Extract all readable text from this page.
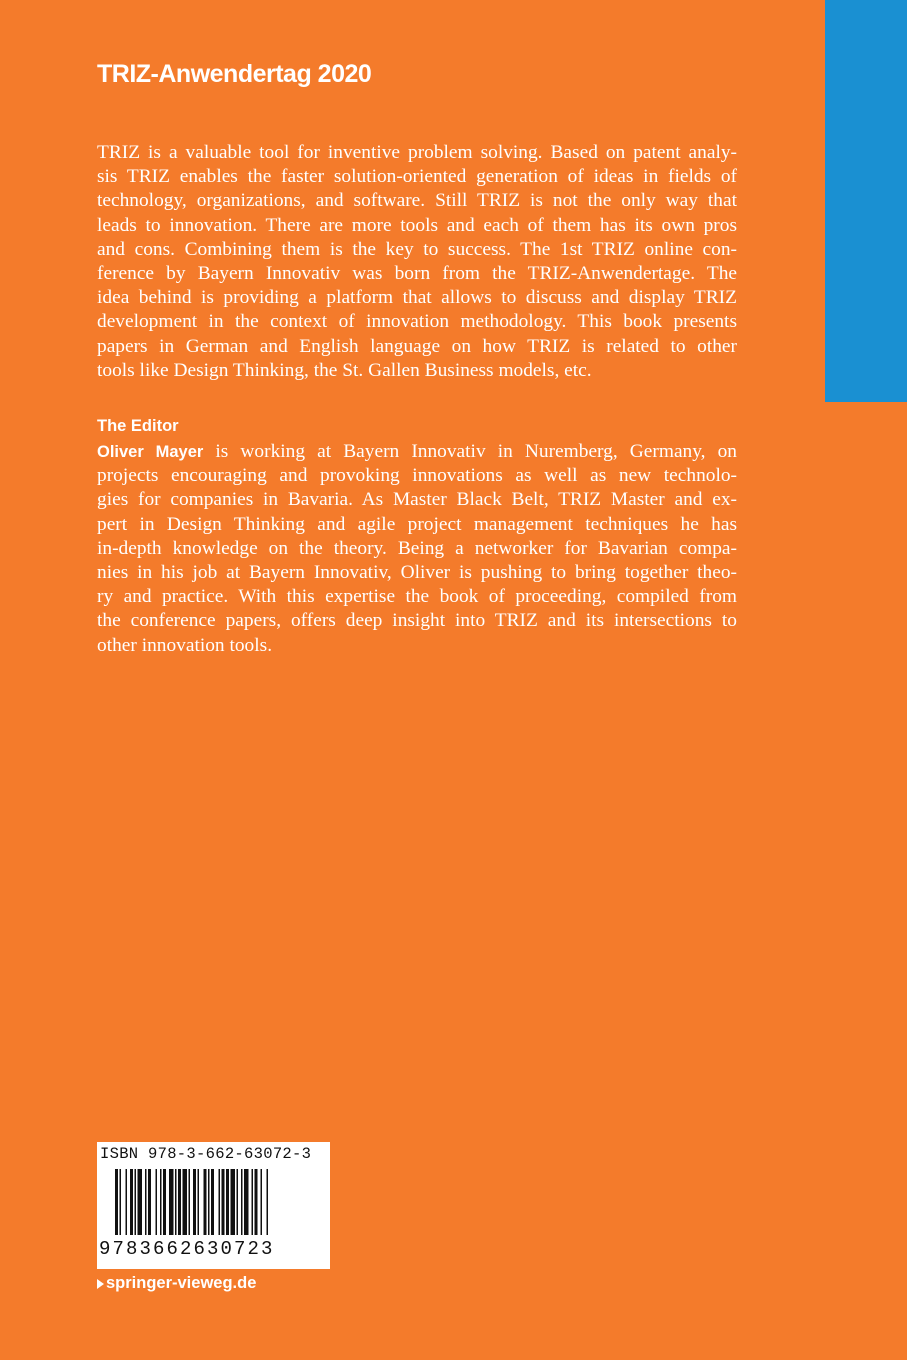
TRIZ-Anwendertag 2020
TRIZ is a valuable tool for inventive problem solving. Based on patent analy-
sis TRIZ enables the faster solution-oriented generation of ideas in fields of
technology, organizations, and software. Still TRIZ is not the only way that
leads to innovation. There are more tools and each of them has its own pros
and cons. Combining them is the key to success. The 1st TRIZ online con-
ference by Bayern Innovativ was born from the TRIZ-Anwendertage. The
idea behind is providing a platform that allows to discuss and display TRIZ
development in the context of innovation methodology. This book presents
papers in German and English language on how TRIZ is related to other
tools like Design Thinking, the St. Gallen Business models, etc.
The Editor
Oliver Mayer is working at Bayern Innovativ in Nuremberg, Germany, on
projects encouraging and provoking innovations as well as new technolo-
gies for companies in Bavaria. As Master Black Belt, TRIZ Master and ex-
pert in Design Thinking and agile project management techniques he has
in-depth knowledge on the theory. Being a networker for Bavarian compa-
nies in his job at Bayern Innovativ, Oliver is pushing to bring together theo-
ry and practice. With this expertise the book of proceeding, compiled from
the conference papers, offers deep insight into TRIZ and its intersections to
other innovation tools.
ISBN 978-3-662-63072-3
9783662630723
springer-vieweg.de
